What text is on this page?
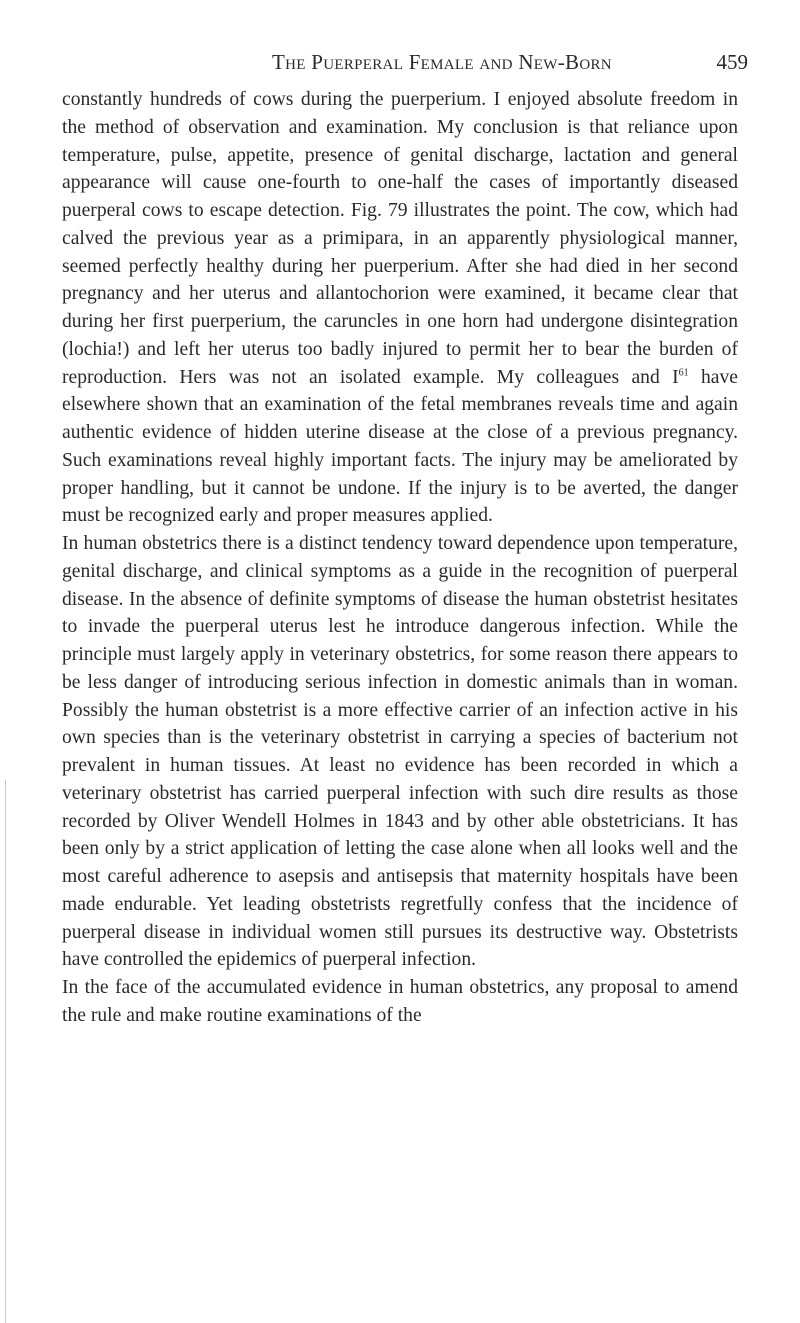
The Puerperal Female and New-Born	459

constantly hundreds of cows during the puerperium. I enjoyed absolute freedom in the method of observation and examination. My conclusion is that reliance upon temperature, pulse, appetite, presence of genital discharge, lactation and general appearance will cause one-fourth to one-half the cases of importantly diseased puerperal cows to escape detection. Fig. 79 illustrates the point. The cow, which had calved the previous year as a primipara, in an apparently physiological manner, seemed perfectly healthy during her puerperium. After she had died in her second pregnancy and her uterus and allantochorion were examined, it became clear that during her first puerperium, the caruncles in one horn had undergone disintegration (lochia!) and left her uterus too badly injured to permit her to bear the burden of reproduction. Hers was not an isolated example. My colleagues and I$^{61}$ have elsewhere shown that an examination of the fetal membranes reveals time and again authentic evidence of hidden uterine disease at the close of a previous pregnancy. Such examinations reveal highly important facts. The injury may be ameliorated by proper handling, but it cannot be undone. If the injury is to be averted, the danger must be recognized early and proper measures applied.

In human obstetrics there is a distinct tendency toward dependence upon temperature, genital discharge, and clinical symptoms as a guide in the recognition of puerperal disease. In the absence of definite symptoms of disease the human obstetrist hesitates to invade the puerperal uterus lest he introduce dangerous infection. While the principle must largely apply in veterinary obstetrics, for some reason there appears to be less danger of introducing serious infection in domestic animals than in woman. Possibly the human obstetrist is a more effective carrier of an infection active in his own species than is the veterinary obstetrist in carrying a species of bacterium not prevalent in human tissues. At least no evidence has been recorded in which a veterinary obstetrist has carried puerperal infection with such dire results as those recorded by Oliver Wendell Holmes in 1843 and by other able obstetricians. It has been only by a strict application of letting the case alone when all looks well and the most careful adherence to asepsis and antisepsis that maternity hospitals have been made endurable. Yet leading obstetrists regretfully confess that the incidence of puerperal disease in individual women still pursues its destructive way. Obstetrists have controlled the epidemics of puerperal infection.

In the face of the accumulated evidence in human obstetrics, any proposal to amend the rule and make routine examinations of the
